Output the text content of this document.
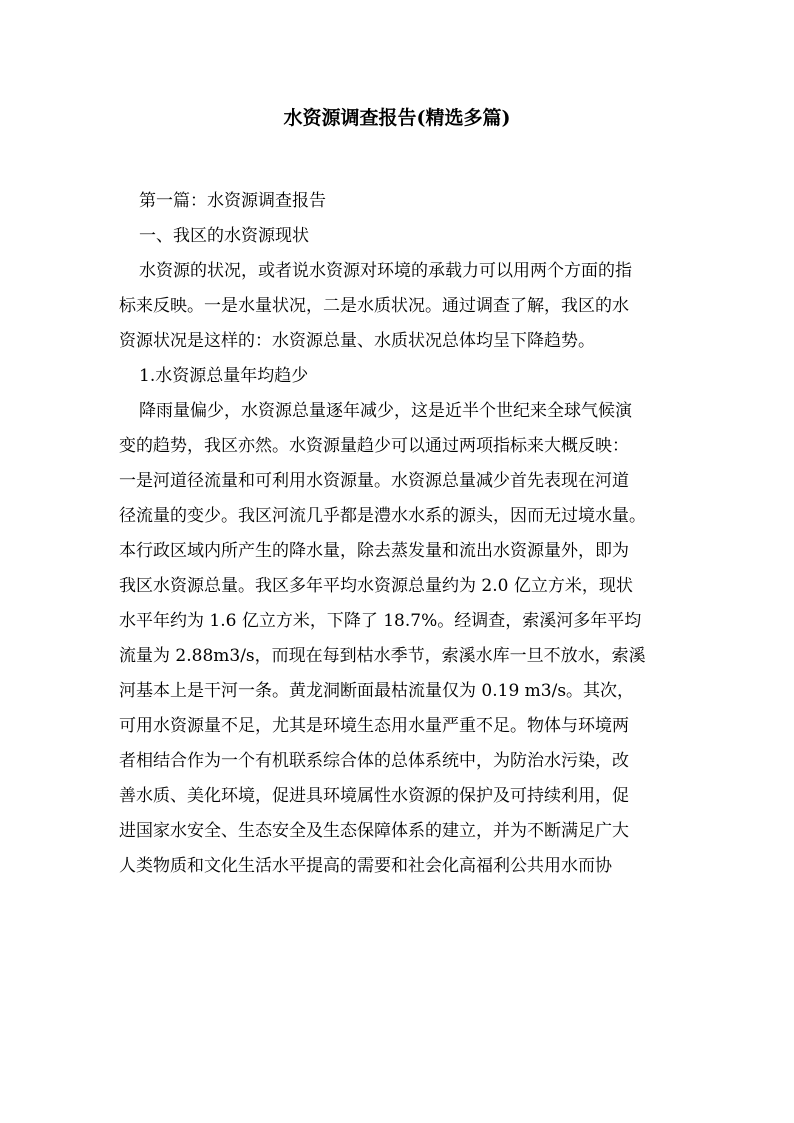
水资源调查报告(精选多篇)
第一篇：水资源调查报告
一、我区的水资源现状
水资源的状况，或者说水资源对环境的承载力可以用两个方面的指
标来反映。一是水量状况，二是水质状况。通过调查了解，我区的水
资源状况是这样的：水资源总量、水质状况总体均呈下降趋势。
1.水资源总量年均趋少
降雨量偏少，水资源总量逐年减少，这是近半个世纪来全球气候演
变的趋势，我区亦然。水资源量趋少可以通过两项指标来大概反映：
一是河道径流量和可利用水资源量。水资源总量减少首先表现在河道
径流量的变少。我区河流几乎都是澧水水系的源头，因而无过境水量。
本行政区域内所产生的降水量，除去蒸发量和流出水资源量外，即为
我区水资源总量。我区多年平均水资源总量约为 2.0 亿立方米，现状
水平年约为 1.6 亿立方米，下降了 18.7%。经调查，索溪河多年平均
流量为 2.88m3/s，而现在每到枯水季节，索溪水库一旦不放水，索溪
河基本上是干河一条。黄龙洞断面最枯流量仅为 0.19 m3/s。其次，
可用水资源量不足，尤其是环境生态用水量严重不足。物体与环境两
者相结合作为一个有机联系综合体的总体系统中，为防治水污染，改
善水质、美化环境，促进具环境属性水资源的保护及可持续利用，促
进国家水安全、生态安全及生态保障体系的建立，并为不断满足广大
人类物质和文化生活水平提高的需要和社会化高福利公共用水而协
